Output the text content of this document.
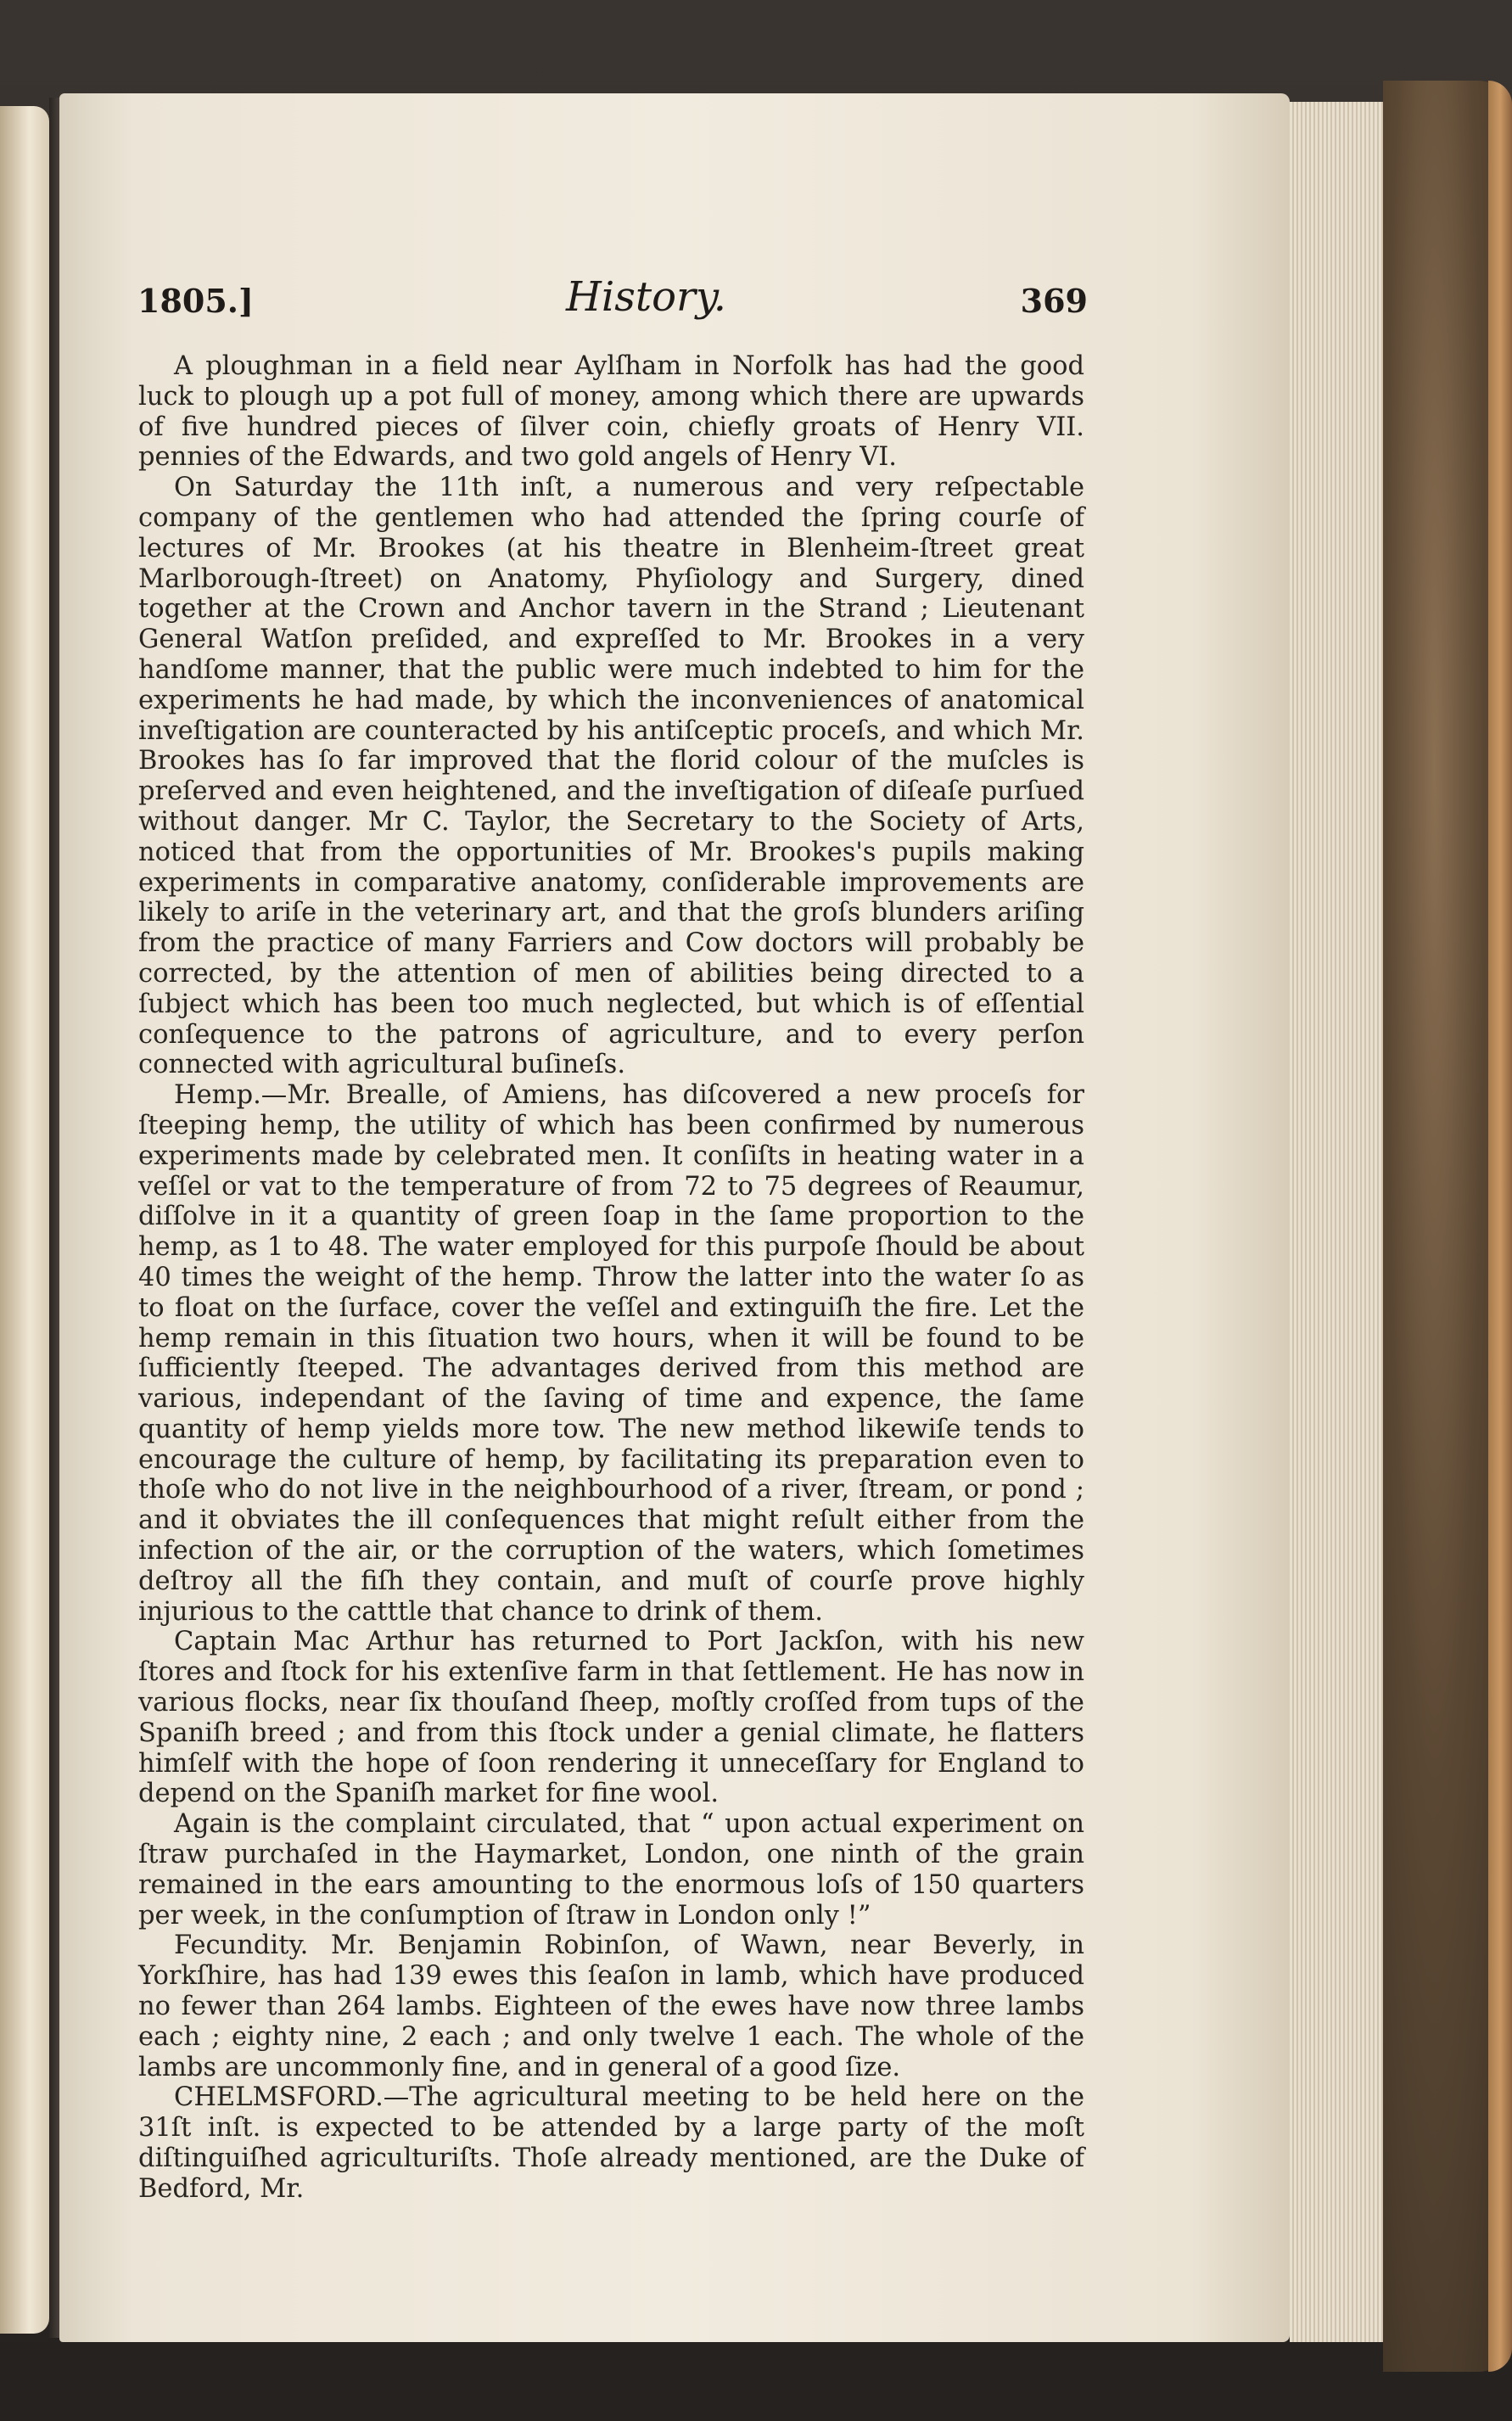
1805.]	History.	369

A ploughman in a field near Aylſham in Norfolk has had the good luck to plough up a pot full of money, among which there are upwards of five hundred pieces of ſilver coin, chiefly groats of Henry VII. pennies of the Edwards, and two gold angels of Henry VI.

On Saturday the 11th inſt, a numerous and very reſpectable company of the gentlemen who had attended the ſpring courſe of lectures of Mr. Brookes (at his theatre in Blenheim-ſtreet great Marlborough-ſtreet) on Anatomy, Phyſiology and Surgery, dined together at the Crown and Anchor tavern in the Strand ; Lieutenant General Watſon preſided, and expreſſed to Mr. Brookes in a very handſome manner, that the public were much indebted to him for the experiments he had made, by which the inconveniences of anatomical inveſtigation are counteracted by his antiſceptic proceſs, and which Mr. Brookes has ſo far improved that the florid colour of the muſcles is preſerved and even heightened, and the inveſtigation of diſeaſe purſued without danger. Mr C. Taylor, the Secretary to the Society of Arts, noticed that from the opportunities of Mr. Brookes's pupils making experiments in comparative anatomy, conſiderable improvements are likely to ariſe in the veterinary art, and that the groſs blunders ariſing from the practice of many Farriers and Cow doctors will probably be corrected, by the attention of men of abilities being directed to a ſubject which has been too much neglected, but which is of eſſential conſequence to the patrons of agriculture, and to every perſon connected with agricultural buſineſs.

Hemp.—Mr. Brealle, of Amiens, has diſcovered a new proceſs for ſteeping hemp, the utility of which has been confirmed by numerous experiments made by celebrated men. It conſiſts in heating water in a veſſel or vat to the temperature of from 72 to 75 degrees of Reaumur, diſſolve in it a quantity of green ſoap in the ſame proportion to the hemp, as 1 to 48. The water employed for this purpoſe ſhould be about 40 times the weight of the hemp. Throw the latter into the water ſo as to float on the ſurface, cover the veſſel and extinguiſh the fire. Let the hemp remain in this ſituation two hours, when it will be found to be ſufficiently ſteeped. The advantages derived from this method are various, independant of the ſaving of time and expence, the ſame quantity of hemp yields more tow. The new method likewiſe tends to encourage the culture of hemp, by facilitating its preparation even to thoſe who do not live in the neighbourhood of a river, ſtream, or pond ; and it obviates the ill conſequences that might reſult either from the infection of the air, or the corruption of the waters, which ſometimes deſtroy all the fiſh they contain, and muſt of courſe prove highly injurious to the catttle that chance to drink of them.

Captain Mac Arthur has returned to Port Jackſon, with his new ſtores and ſtock for his extenſive farm in that ſettlement. He has now in various flocks, near ſix thouſand ſheep, moſtly croſſed from tups of the Spaniſh breed ; and from this ſtock under a genial climate, he flatters himſelf with the hope of ſoon rendering it unneceſſary for England to depend on the Spaniſh market for fine wool.

Again is the complaint circulated, that “ upon actual experiment on ſtraw purchaſed in the Haymarket, London, one ninth of the grain remained in the ears amounting to the enormous loſs of 150 quarters per week, in the conſumption of ſtraw in London only !”

Fecundity. Mr. Benjamin Robinſon, of Wawn, near Beverly, in Yorkſhire, has had 139 ewes this ſeaſon in lamb, which have produced no fewer than 264 lambs. Eighteen of the ewes have now three lambs each ; eighty nine, 2 each ; and only twelve 1 each. The whole of the lambs are uncommonly fine, and in general of a good ſize.

CHELMSFORD.—The agricultural meeting to be held here on the 31ſt inſt. is expected to be attended by a large party of the moſt diſtinguiſhed agriculturiſts. Thoſe already mentioned, are the Duke of Bedford, Mr.
